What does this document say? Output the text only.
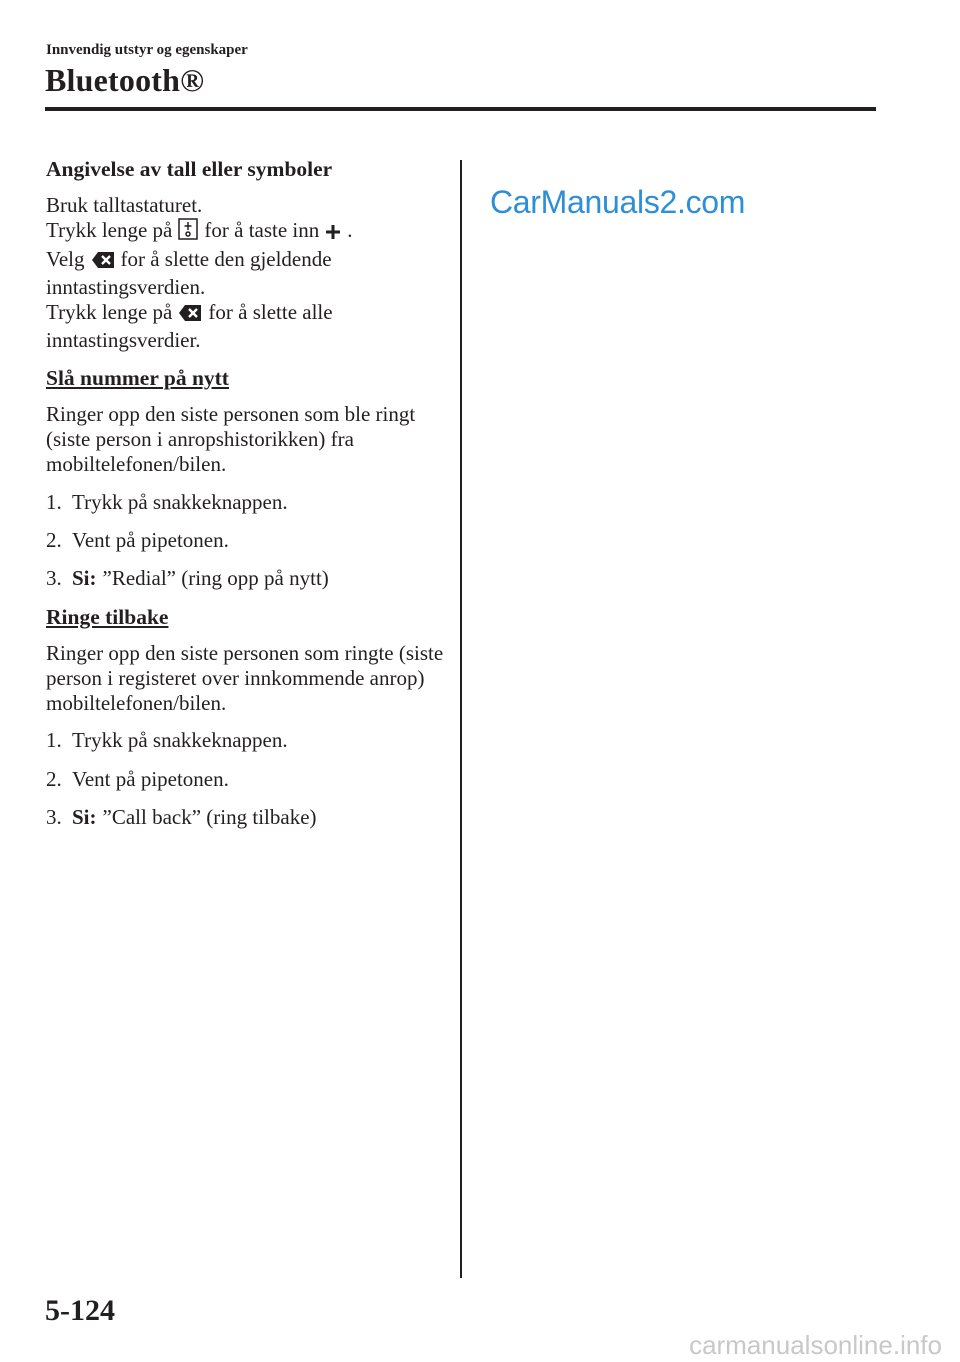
Innvendig utstyr og egenskaper
Bluetooth®
Angivelse av tall eller symboler

Bruk talltastaturet.
Trykk lenge på for å taste inn .
Velg for å slette den gjeldende inntastingsverdien.
Trykk lenge på for å slette alle inntastingsverdier.

Slå nummer på nytt

Ringer opp den siste personen som ble ringt (siste person i anropshistorikken) fra mobiltelefonen/bilen.

1. Trykk på snakkeknappen.
2. Vent på pipetonen.
3. Si: ”Redial” (ring opp på nytt)
Ringe tilbake

Ringer opp den siste personen som ringte (siste person i registeret over innkommende anrop) mobiltelefonen/bilen.

1. Trykk på snakkeknappen.
2. Vent på pipetonen.
3. Si: ”Call back” (ring tilbake)
CarManuals2.com
5-124
carmanualsonline.info
